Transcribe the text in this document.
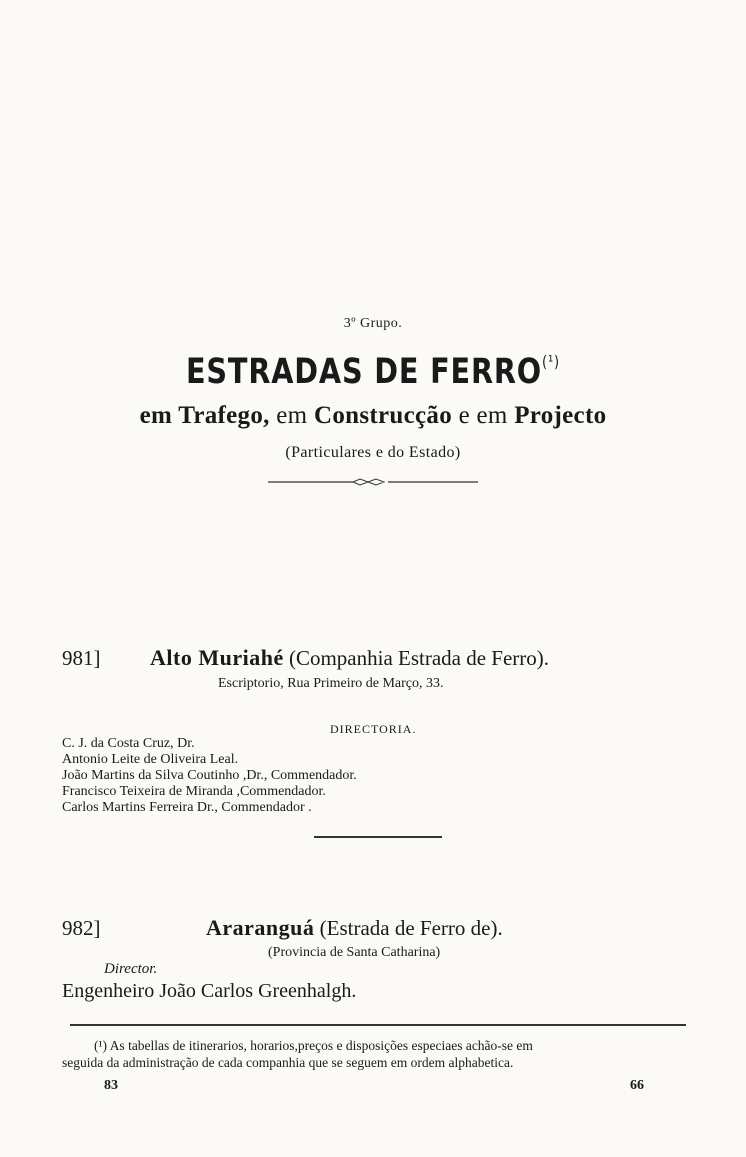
3º Grupo.
ESTRADAS DE $FERRO^{(^1)}$
em Trafego, em Construcção e em Projecto
(Particulares e do Estado)
981] Alto Muriahé (Companhia Estrada de Ferro).
Escriptorio, Rua Primeiro de Março, 33.
DIRECTORIA.
C. J. da Costa Cruz, Dr.
Antonio Leite de Oliveira Leal.
João Martins da Silva Coutinho ,Dr., Commendador.
Francisco Teixeira de Miranda ,Commendador.
Carlos Martins Ferreira Dr., Commendador .
982]	Araranguá (Estrada de Ferro de).
(Provincia de Santa Catharina)
Director.
Engenheiro João Carlos Greenhalgh.
(¹) As tabellas de itinerarios, horarios,preços e disposições especiaes achão-se em
seguida da administração de cada companhia que se seguem em ordem alphabetica.
83	66
